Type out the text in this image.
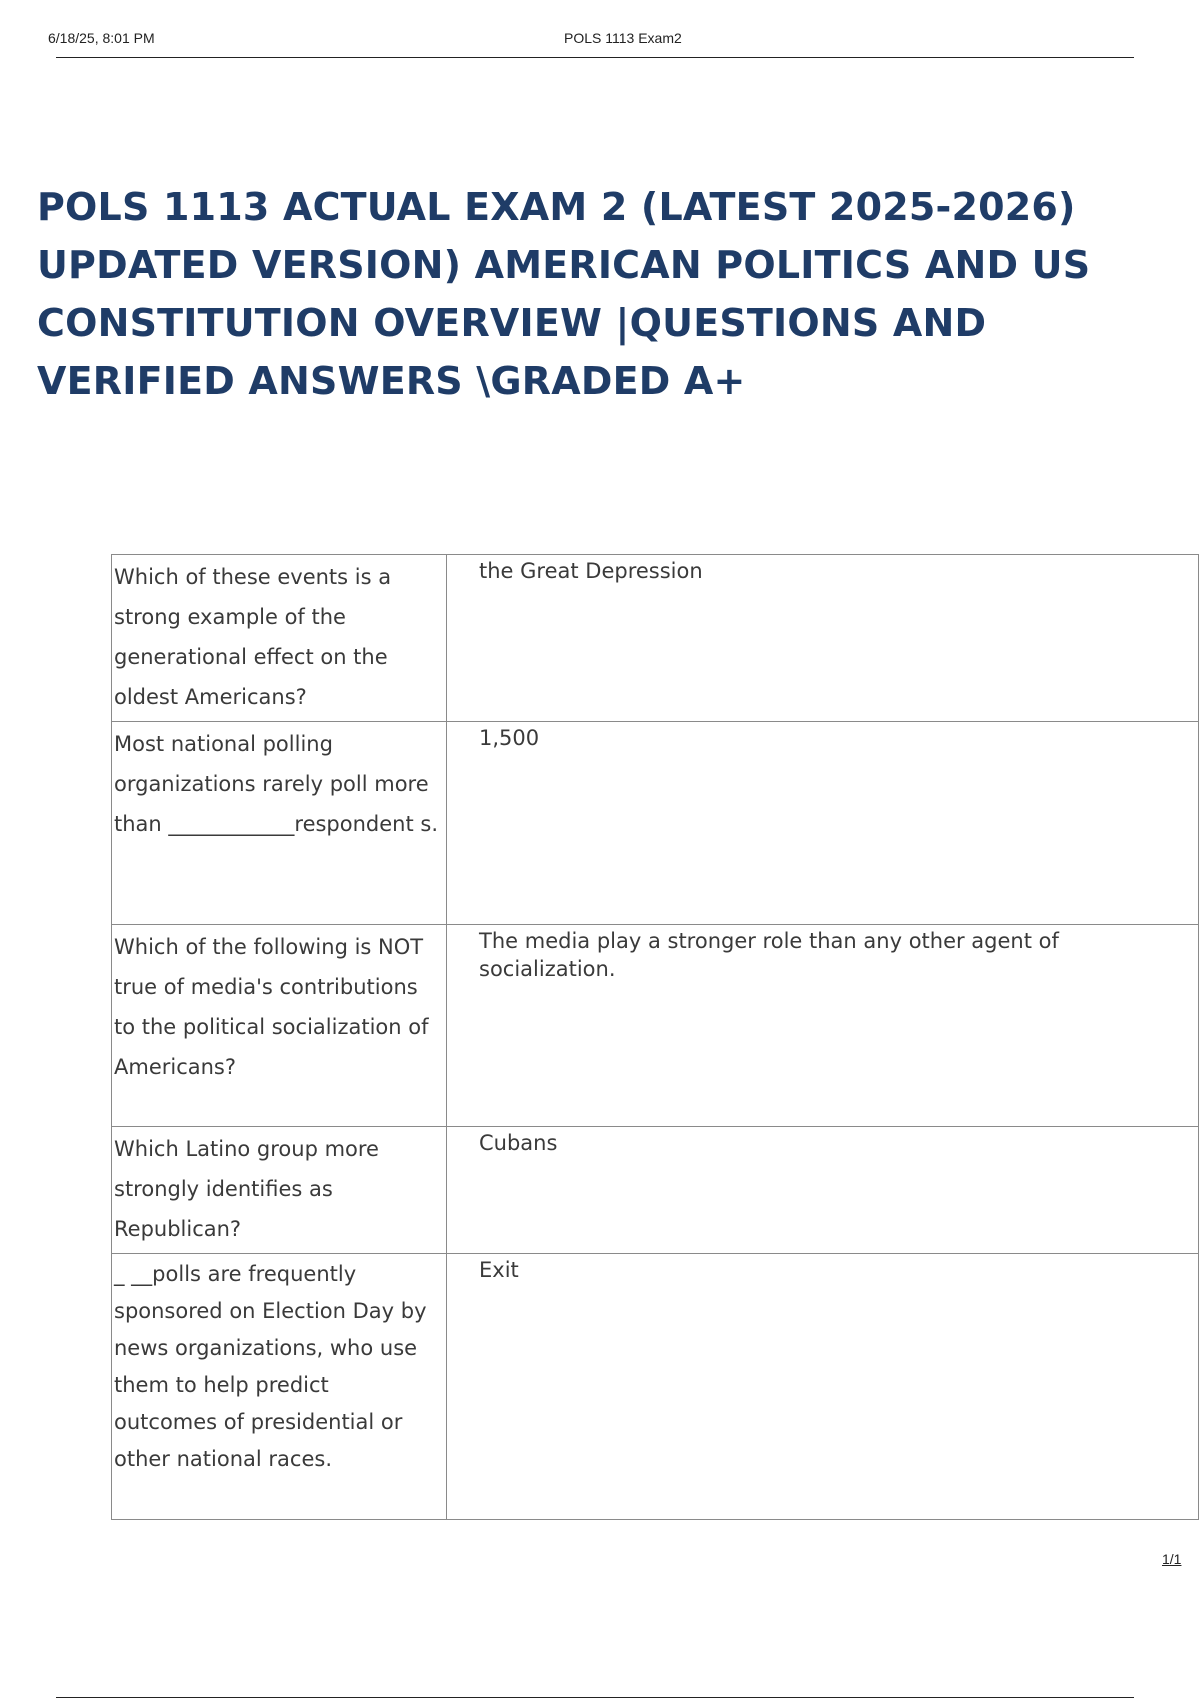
6/18/25, 8:01 PM	POLS 1113 Exam2
POLS 1113 ACTUAL EXAM 2 (LATEST 2025-2026) UPDATED VERSION) AMERICAN POLITICS AND US CONSTITUTION OVERVIEW |QUESTIONS AND VERIFIED ANSWERS \GRADED A+
Which of these events is a strong example of the generational effect on the oldest Americans?	the Great Depression
Most national polling organizations rarely poll more than ____________respondent s.	1,500
Which of the following is NOT true of media's contributions to the political socialization of Americans?	The media play a stronger role than any other agent of socialization.
Which Latino group more strongly identifies as Republican?	Cubans
_ __polls are frequently sponsored on Election Day by news organizations, who use them to help predict outcomes of presidential or other national races.	Exit
1/1
